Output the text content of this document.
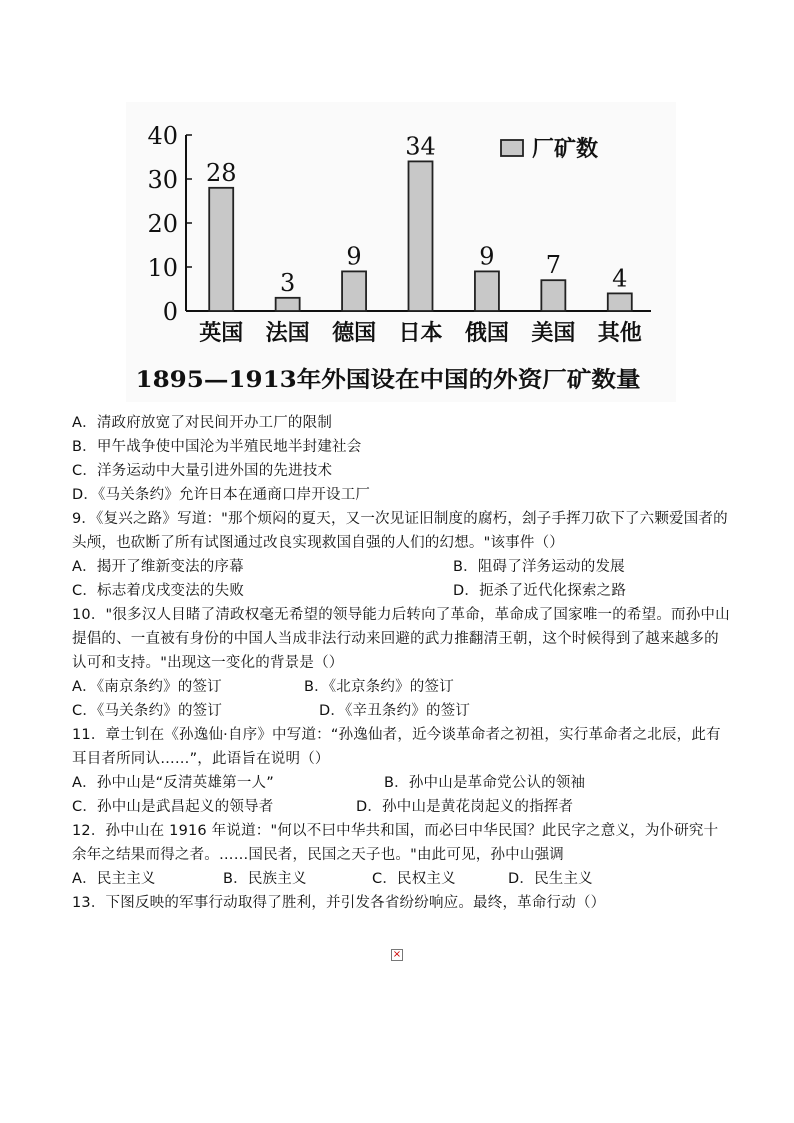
0
10
20
30
40
28
英国
3
法国
9
德国
34
日本
9
俄国
7
美国
4
其他
厂矿数
1895—1913年外国设在中国的外资厂矿数量
A．清政府放宽了对民间开办工厂的限制
B．甲午战争使中国沦为半殖民地半封建社会
C．洋务运动中大量引进外国的先进技术
D．《马关条约》允许日本在通商口岸开设工厂
9．《复兴之路》写道："那个烦闷的夏天，又一次见证旧制度的腐朽，刽子手挥刀砍下了六颗爱国者的头颅，也砍断了所有试图通过改良实现救国自强的人们的幻想。"该事件（）
A．揭开了维新变法的序幕	B．阻碍了洋务运动的发展
C．标志着戊戌变法的失败	D．扼杀了近代化探索之路
10．"很多汉人目睹了清政权毫无希望的领导能力后转向了革命，革命成了国家唯一的希望。而孙中山提倡的、一直被有身份的中国人当成非法行动来回避的武力推翻清王朝，这个时候得到了越来越多的认可和支持。"出现这一变化的背景是（）
A．《南京条约》的签订	B．《北京条约》的签订
C．《马关条约》的签订	D．《辛丑条约》的签订
11．章士钊在《孙逸仙·自序》中写道：“孙逸仙者，近今谈革命者之初祖，实行革命者之北辰，此有耳目者所同认……”，此语旨在说明（）
A．孙中山是“反清英雄第一人”	B．孙中山是革命党公认的领袖
C．孙中山是武昌起义的领导者	D．孙中山是黄花岗起义的指挥者
12．孙中山在 1916 年说道："何以不曰中华共和国，而必曰中华民国？此民字之意义，为仆研究十余年之结果而得之者。……国民者，民国之天子也。"由此可见，孙中山强调
A．民主主义	B．民族主义	C．民权主义	D．民生主义
13．下图反映的军事行动取得了胜利，并引发各省纷纷响应。最终，革命行动（）
×
